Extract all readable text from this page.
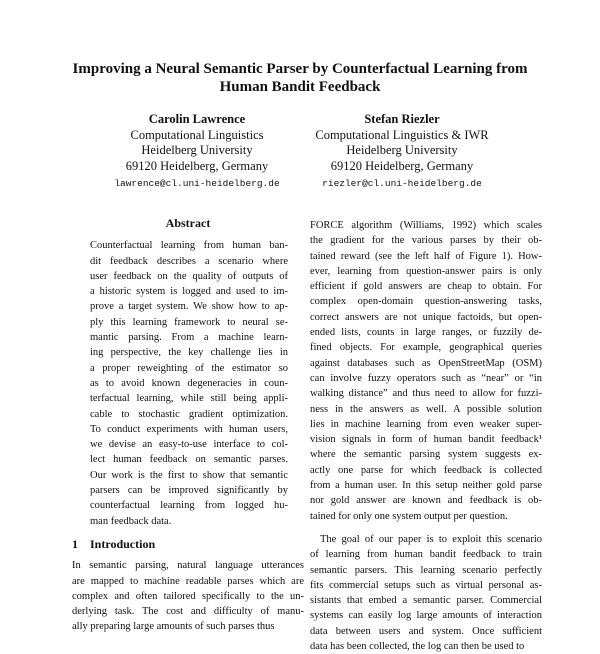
Improving a Neural Semantic Parser by Counterfactual Learning from
Human Bandit Feedback
Carolin Lawrence
Computational Linguistics
Heidelberg University
69120 Heidelberg, Germany
lawrence@cl.uni-heidelberg.de
Stefan Riezler
Computational Linguistics & IWR
Heidelberg University
69120 Heidelberg, Germany
riezler@cl.uni-heidelberg.de
Abstract
Counterfactual learning from human ban-
dit feedback describes a scenario where
user feedback on the quality of outputs of
a historic system is logged and used to im-
prove a target system. We show how to ap-
ply this learning framework to neural se-
mantic parsing. From a machine learn-
ing perspective, the key challenge lies in
a proper reweighting of the estimator so
as to avoid known degeneracies in coun-
terfactual learning, while still being appli-
cable to stochastic gradient optimization.
To conduct experiments with human users,
we devise an easy-to-use interface to col-
lect human feedback on semantic parses.
Our work is the first to show that semantic
parsers can be improved significantly by
counterfactual learning from logged hu-
man feedback data.
1 Introduction
In semantic parsing, natural language utterances
are mapped to machine readable parses which are
complex and often tailored specifically to the un-
derlying task. The cost and difficulty of manu-
ally preparing large amounts of such parses thus
FORCE algorithm (Williams, 1992) which scales
the gradient for the various parses by their ob-
tained reward (see the left half of Figure 1). How-
ever, learning from question-answer pairs is only
efficient if gold answers are cheap to obtain. For
complex open-domain question-answering tasks,
correct answers are not unique factoids, but open-
ended lists, counts in large ranges, or fuzzily de-
fined objects. For example, geographical queries
against databases such as OpenStreetMap (OSM)
can involve fuzzy operators such as “near” or “in
walking distance” and thus need to allow for fuzzi-
ness in the answers as well. A possible solution
lies in machine learning from even weaker super-
vision signals in form of human bandit feedback¹
where the semantic parsing system suggests ex-
actly one parse for which feedback is collected
from a human user. In this setup neither gold parse
nor gold answer are known and feedback is ob-
tained for only one system output per question.
The goal of our paper is to exploit this scenario
of learning from human bandit feedback to train
semantic parsers. This learning scenario perfectly
fits commercial setups such as virtual personal as-
sistants that embed a semantic parser. Commercial
systems can easily log large amounts of interaction
data between users and system. Once sufficient
data has been collected, the log can then be used to
